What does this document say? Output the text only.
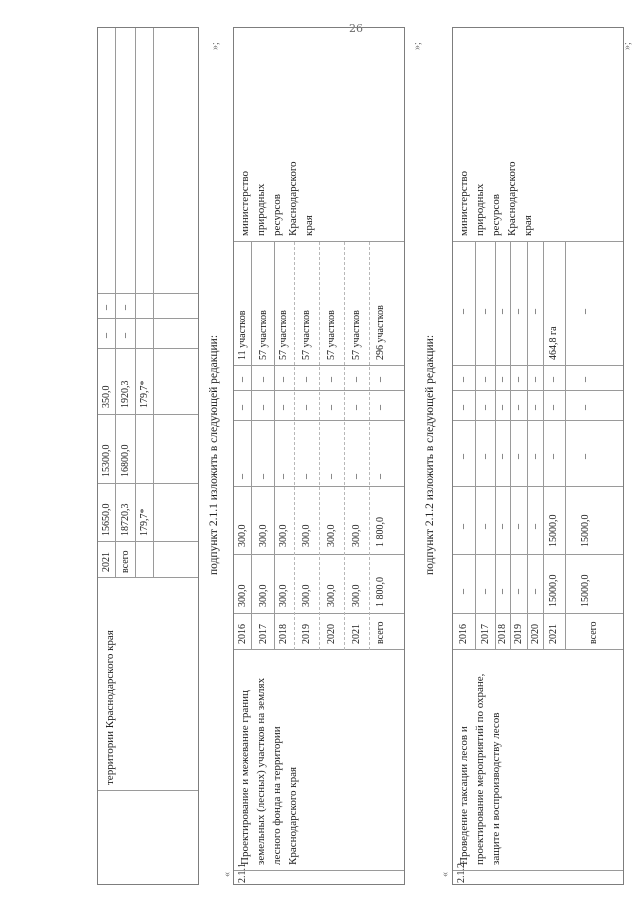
26
территории Краснодарского края
2021
15650,0
15300,0
350,0
–
–
всего
18720,3
16800,0
1920,3
–
–
179,7*
179,7*
»;
подпункт 2.1.1 изложить в следующей редакции:
« 2.1.1
Проектирование и межевание границ земельных (лесных) участков на землях лесного фонда на территории Краснодарского края
министерство природных ресурсов Краснодарского края
2016
300,0
300,0
–
–
–
11 участков
2017
300,0
300,0
–
–
–
57 участков
2018
300,0
300,0
–
–
–
57 участков
2019
300,0
300,0
–
–
–
57 участков
2020
300,0
300,0
–
–
–
57 участков
2021
300,0
300,0
–
–
–
57 участков
всего
1 800,0
1 800,0
–
–
–
296 участков
»;
подпункт 2.1.2 изложить в следующей редакции:
« 2.1.2.
Проведение таксации лесов и проектирование мероприятий по охране, защите и воспроизводству лесов
министерство природных ресурсов Краснодарского края
2016
–
–
–
–
–
–
2017
–
–
–
–
–
–
2018
–
–
–
–
–
–
2019
–
–
–
–
–
–
2020
–
–
–
–
–
–
2021
15000,0
15000,0
–
–
–
464,8 га
всего
15000,0
15000,0
–
–
–
–
»;
